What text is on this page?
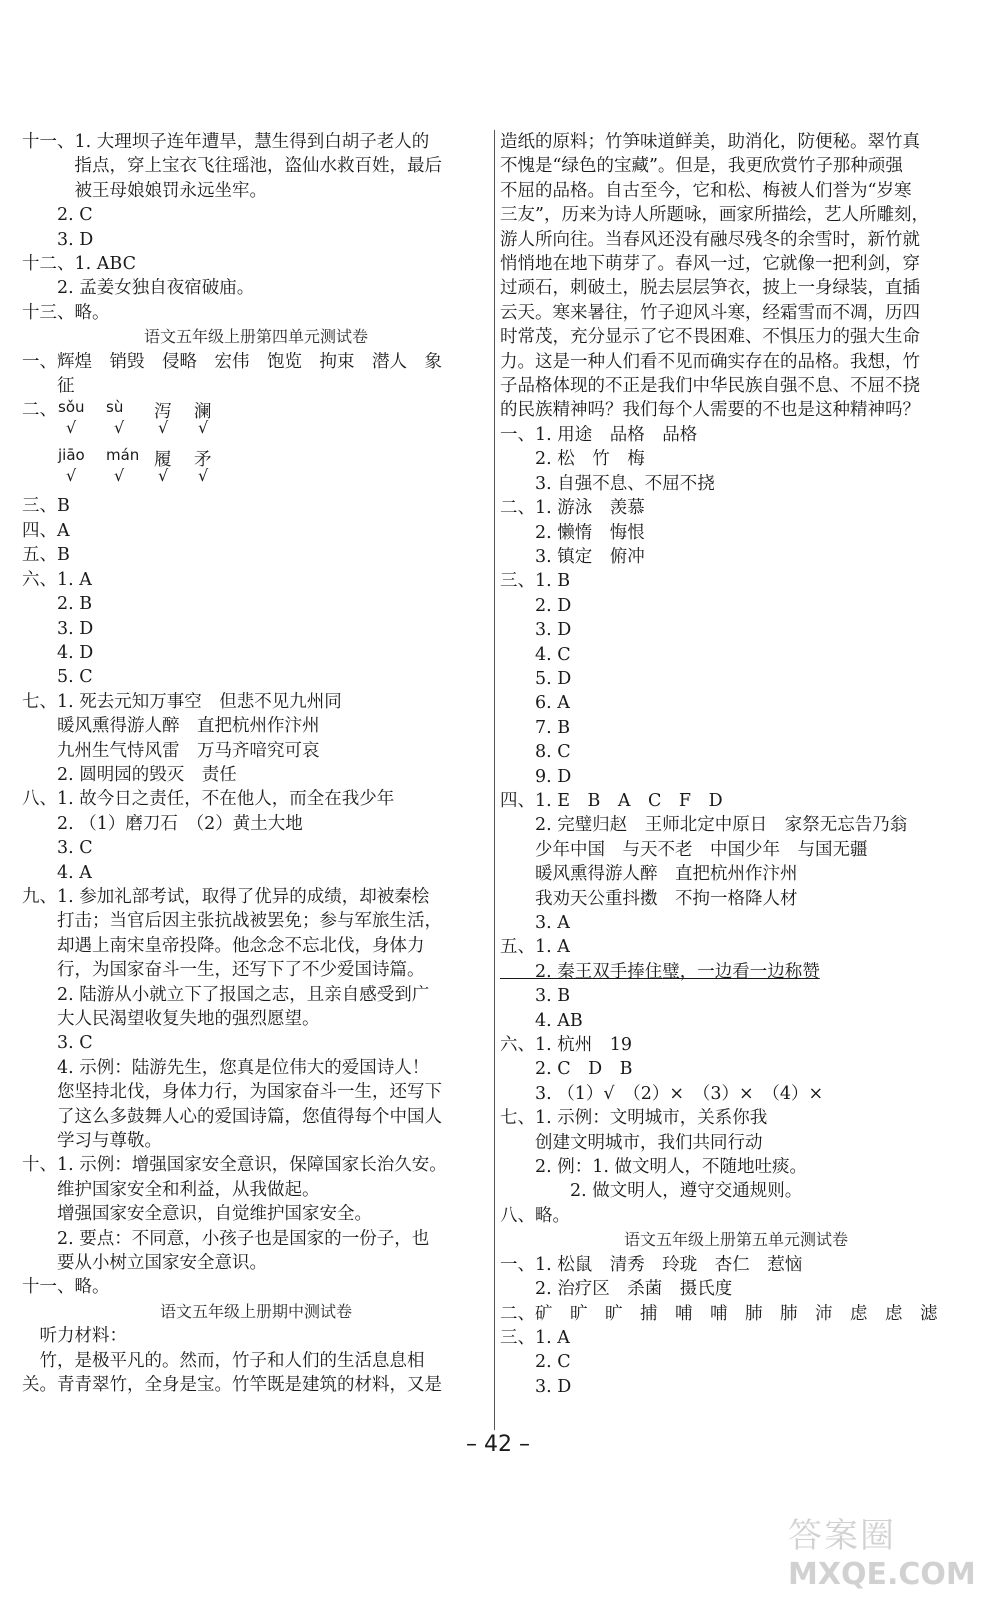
十一、1. 大理坝子连年遭旱，慧生得到白胡子老人的
　　　指点，穿上宝衣飞往瑶池，盗仙水救百姓，最后
　　　被王母娘娘罚永远坐牢。
　　2. C
　　3. D
十二、1. ABC
　　2. 孟姜女独自夜宿破庙。
十三、略。
语文五年级上册第四单元测试卷
一、辉煌　销毁　侵略　宏伟　饱览　拘束　潜人　象
　　征
二、 sǒu
√
sù
√
泻
√
澜
√
jiāo
√
mán
√
履
√
矛
√
三、B
四、A
五、B
六、1. A
　　2. B
　　3. D
　　4. D
　　5. C
七、1. 死去元知万事空　但悲不见九州同
　　暖风熏得游人醉　直把杭州作汴州
　　九州生气恃风雷　万马齐喑究可哀
　　2. 圆明园的毁灭　责任
八、1. 故今日之责任，不在他人，而全在我少年
　　2. （1）磨刀石　（2）黄土大地
　　3. C
　　4. A
九、1. 参加礼部考试，取得了优异的成绩，却被秦桧
　　打击；当官后因主张抗战被罢免；参与军旅生活，
　　却遇上南宋皇帝投降。他念念不忘北伐，身体力
　　行，为国家奋斗一生，还写下了不少爱国诗篇。
　　2. 陆游从小就立下了报国之志，且亲自感受到广
　　大人民渴望收复失地的强烈愿望。
　　3. C
　　4. 示例：陆游先生，您真是位伟大的爱国诗人！
　　您坚持北伐，身体力行，为国家奋斗一生，还写下
　　了这么多鼓舞人心的爱国诗篇，您值得每个中国人
　　学习与尊敬。
十、1. 示例：增强国家安全意识，保障国家长治久安。
　　维护国家安全和利益，从我做起。
　　增强国家安全意识，自觉维护国家安全。
　　2. 要点：不同意，小孩子也是国家的一份子，也
　　要从小树立国家安全意识。
十一、略。
语文五年级上册期中测试卷
　听力材料：
　竹，是极平凡的。然而，竹子和人们的生活息息相
关。青青翠竹，全身是宝。竹竿既是建筑的材料，又是
造纸的原料；竹笋味道鲜美，助消化，防便秘。翠竹真
不愧是“绿色的宝藏”。但是，我更欣赏竹子那种顽强
不屈的品格。自古至今，它和松、梅被人们誉为“岁寒
三友”，历来为诗人所题咏，画家所描绘，艺人所雕刻，
游人所向往。当春风还没有融尽残冬的余雪时，新竹就
悄悄地在地下萌芽了。春风一过，它就像一把利剑，穿
过顽石，刺破土，脱去层层笋衣，披上一身绿装，直插
云天。寒来暑往，竹子迎风斗寒，经霜雪而不凋，历四
时常茂，充分显示了它不畏困难、不惧压力的强大生命
力。这是一种人们看不见而确实存在的品格。我想，竹
子品格体现的不正是我们中华民族自强不息、不屈不挠
的民族精神吗？我们每个人需要的不也是这种精神吗？
一、1. 用途　品格　品格
　　2. 松　竹　梅
　　3. 自强不息、不屈不挠
二、1. 游泳　羡慕
　　2. 懒惰　悔恨
　　3. 镇定　俯冲
三、1. B
　　2. D
　　3. D
　　4. C
　　5. D
　　6. A
　　7. B
　　8. C
　　9. D
四、1. E　B　A　C　F　D
　　2. 完璧归赵　王师北定中原日　家祭无忘告乃翁
　　少年中国　与天不老　中国少年　与国无疆
　　暖风熏得游人醉　直把杭州作汴州
　　我劝天公重抖擞　不拘一格降人材
　　3. A
五、1. A
　　2. 秦王双手捧住璧，一边看一边称赞
　　3. B
　　4. AB
六、1. 杭州　19
　　2. C　D　B
　　3. （1）√　（2）×　（3）×　（4）×
七、1. 示例：文明城市，关系你我
　　创建文明城市，我们共同行动
　　2. 例：1. 做文明人，不随地吐痰。
　　　　2. 做文明人，遵守交通规则。
八、略。
语文五年级上册第五单元测试卷
一、1. 松鼠　清秀　玲珑　杏仁　惹恼
　　2. 治疗区　杀菌　摄氏度
二、矿　旷　旷　捕　哺　哺　肺　肺　沛　虑　虑　滤
三、1. A
　　2. C
　　3. D
– 42 –
答案圈
MXQE.COM
